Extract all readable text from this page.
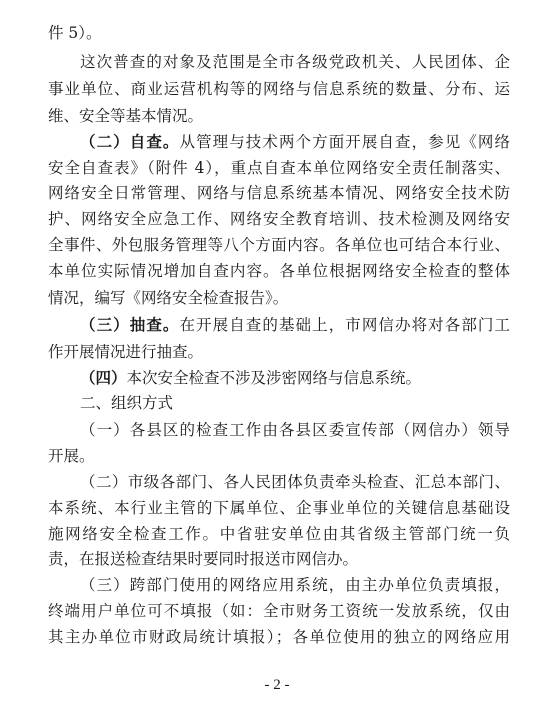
件 5）。
这次普查的对象及范围是全市各级党政机关、人民团体、企
事业单位、商业运营机构等的网络与信息系统的数量、分布、运
维、安全等基本情况。
（二）自查。从管理与技术两个方面开展自查，参见《网络
安全自查表》（附件 4），重点自查本单位网络安全责任制落实、
网络安全日常管理、网络与信息系统基本情况、网络安全技术防
护、网络安全应急工作、网络安全教育培训、技术检测及网络安
全事件、外包服务管理等八个方面内容。各单位也可结合本行业、
本单位实际情况增加自查内容。各单位根据网络安全检查的整体
情况，编写《网络安全检查报告》。
（三）抽查。在开展自查的基础上，市网信办将对各部门工
作开展情况进行抽查。
（四）本次安全检查不涉及涉密网络与信息系统。
二、组织方式
（一）各县区的检查工作由各县区委宣传部（网信办）领导
开展。
（二）市级各部门、各人民团体负责牵头检查、汇总本部门、
本系统、本行业主管的下属单位、企事业单位的关键信息基础设
施网络安全检查工作。中省驻安单位由其省级主管部门统一负
责，在报送检查结果时要同时报送市网信办。
（三）跨部门使用的网络应用系统，由主办单位负责填报，
终端用户单位可不填报（如：全市财务工资统一发放系统，仅由
其主办单位市财政局统计填报）；各单位使用的独立的网络应用
- 2 -
